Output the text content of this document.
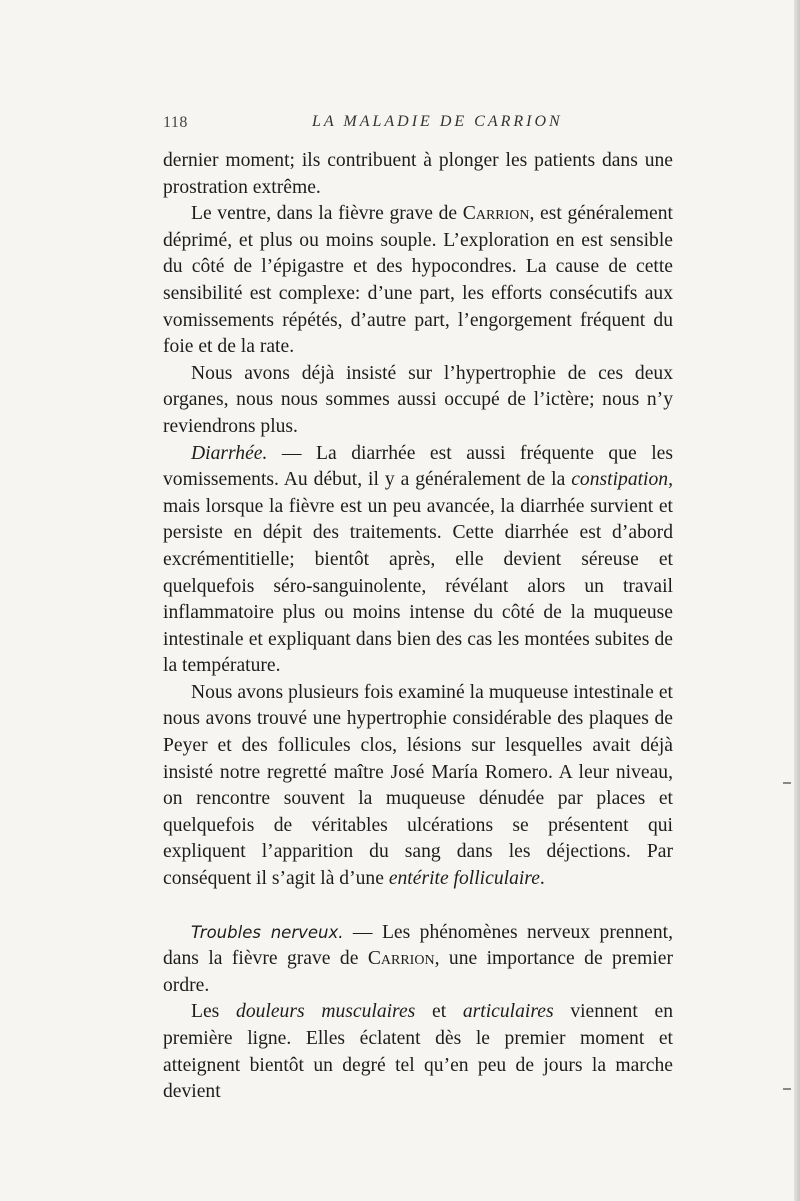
118	LA MALADIE DE CARRION

dernier moment; ils contribuent à plonger les patients dans une prostration extrême.

Le ventre, dans la fièvre grave de Carrion, est généralement déprimé, et plus ou moins souple. L’exploration en est sensible du côté de l’épigastre et des hypocondres. La cause de cette sensibilité est complexe: d’une part, les efforts consécutifs aux vomissements répétés, d’autre part, l’engorgement fréquent du foie et de la rate.

Nous avons déjà insisté sur l’hypertrophie de ces deux organes, nous nous sommes aussi occupé de l’ictère; nous n’y reviendrons plus.

Diarrhée. — La diarrhée est aussi fréquente que les vomissements. Au début, il y a généralement de la constipation, mais lorsque la fièvre est un peu avancée, la diarrhée survient et persiste en dépit des traitements. Cette diarrhée est d’abord excrémentitielle; bientôt après, elle devient séreuse et quelquefois séro-sanguinolente, révélant alors un travail inflammatoire plus ou moins intense du côté de la muqueuse intestinale et expliquant dans bien des cas les montées subites de la température.

Nous avons plusieurs fois examiné la muqueuse intestinale et nous avons trouvé une hypertrophie considérable des plaques de Peyer et des follicules clos, lésions sur lesquelles avait déjà insisté notre regretté maître José María Romero. A leur niveau, on rencontre souvent la muqueuse dénudée par places et quelquefois de véritables ulcérations se présentent qui expliquent l’apparition du sang dans les déjections. Par conséquent il s’agit là d’une entérite folliculaire.

Troubles nerveux. — Les phénomènes nerveux prennent, dans la fièvre grave de Carrion, une importance de premier ordre.

Les douleurs musculaires et articulaires viennent en première ligne. Elles éclatent dès le premier moment et atteignent bientôt un degré tel qu’en peu de jours la marche devient
